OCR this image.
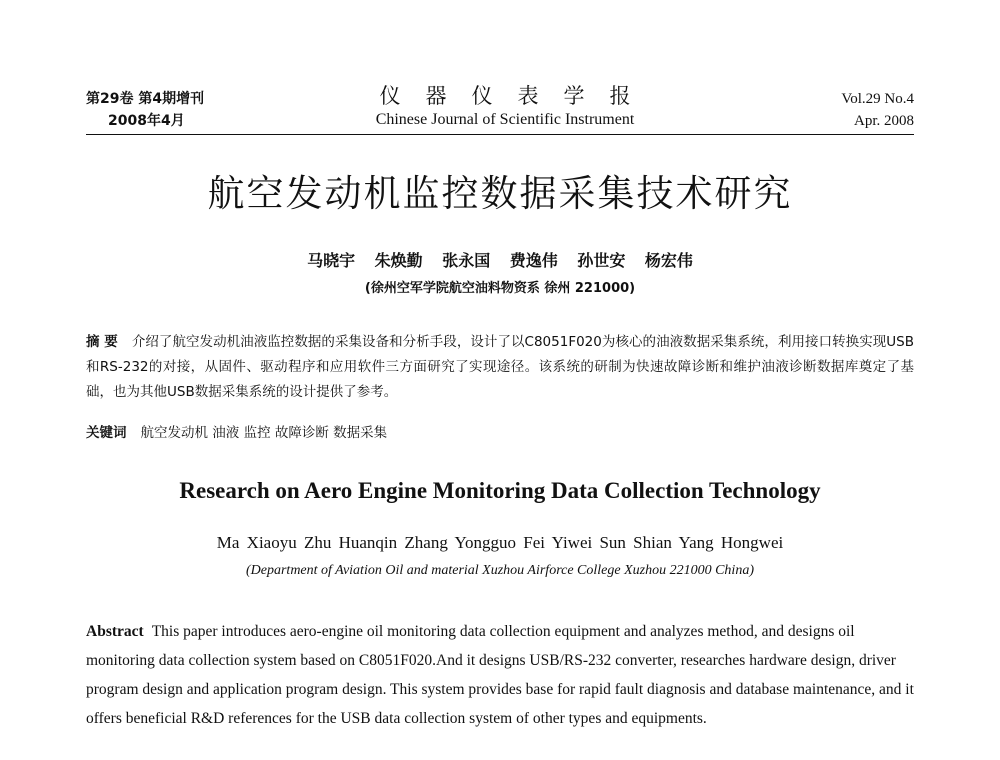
第29卷 第4期增刊
2008年4月
仪器仪表学报
Chinese Journal of Scientific Instrument
Vol.29 No.4
Apr. 2008
航空发动机监控数据采集技术研究
马晓宇 朱焕勤 张永国 费逸伟 孙世安 杨宏伟
(徐州空军学院航空油料物资系 徐州 221000)
摘 要 介绍了航空发动机油液监控数据的采集设备和分析手段，设计了以C8051F020为核心的油液数据采集系统，利用接口转换实现USB和RS-232的对接，从固件、驱动程序和应用软件三方面研究了实现途径。该系统的研制为快速故障诊断和维护油液诊断数据库奠定了基础，也为其他USB数据采集系统的设计提供了参考。
关键词 航空发动机 油液 监控 故障诊断 数据采集
Research on Aero Engine Monitoring Data Collection Technology
Ma Xiaoyu Zhu Huanqin Zhang Yongguo Fei Yiwei Sun Shian Yang Hongwei
(Department of Aviation Oil and material Xuzhou Airforce College Xuzhou 221000 China)
Abstract This paper introduces aero-engine oil monitoring data collection equipment and analyzes method, and designs oil monitoring data collection system based on C8051F020.And it designs USB/RS-232 converter, researches hardware design, driver program design and application program design. This system provides base for rapid fault diagnosis and database maintenance, and it offers beneficial R&D references for the USB data collection system of other types and equipments.
